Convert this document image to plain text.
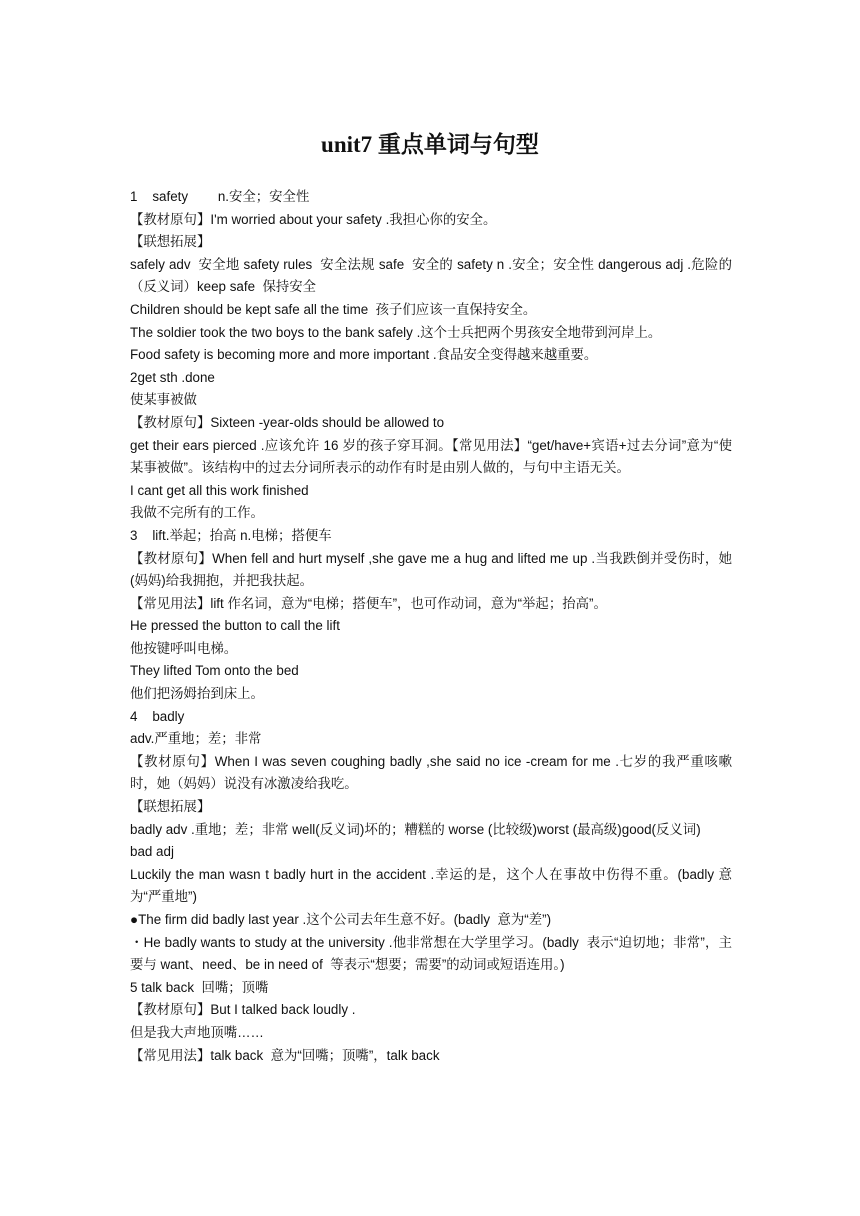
unit7 重点单词与句型

1    safety        n.安全；安全性

【教材原句】I'm worried about your safety .我担心你的安全。

【联想拓展】

safely adv  安全地 safety rules  安全法规 safe  安全的 safety n .安全；安全性 dangerous adj .危险的（反义词）keep safe  保持安全

Children should be kept safe all the time  孩子们应该一直保持安全。

The soldier took the two boys to the bank safely .这个士兵把两个男孩安全地带到河岸上。

Food safety is becoming more and more important .食品安全变得越来越重要。

2get sth .done

使某事被做

【教材原句】Sixteen -year-olds should be allowed to

get their ears pierced .应该允许 16 岁的孩子穿耳洞。【常见用法】“get/have+宾语+过去分词”意为“使某事被做”。该结构中的过去分词所表示的动作有时是由别人做的，与句中主语无关。

I cant get all this work finished

我做不完所有的工作。

3    lift.举起；抬高 n.电梯；搭便车

【教材原句】When fell and hurt myself ,she gave me a hug and lifted me up .当我跌倒并受伤时，她(妈妈)给我拥抱，并把我扶起。

【常见用法】lift 作名词，意为“电梯；搭便车”，也可作动词，意为“举起；抬高”。

He pressed the button to call the lift

他按键呼叫电梯。

They lifted Tom onto the bed

他们把汤姆抬到床上。

4    badly

adv.严重地；差；非常

【教材原句】When I was seven coughing badly ,she said no ice -cream for me .七岁的我严重咳嗽时，她（妈妈）说没有冰激凌给我吃。

【联想拓展】

badly adv .重地；差；非常 well(反义词)坏的；糟糕的 worse (比较级)worst (最高级)good(反义词)

bad adj

Luckily the man wasn t badly hurt in the accident .幸运的是，这个人在事故中伤得不重。(badly 意为“严重地”)

●The firm did badly last year .这个公司去年生意不好。(badly  意为“差”)

・He badly wants to study at the university .他非常想在大学里学习。(badly  表示“迫切地；非常”，主要与 want、need、be in need of  等表示“想要；需要”的动词或短语连用。)

5 talk back  回嘴；顶嘴

【教材原句】But I talked back loudly .

但是我大声地顶嘴……

【常见用法】talk back  意为“回嘴；顶嘴”，talk back
